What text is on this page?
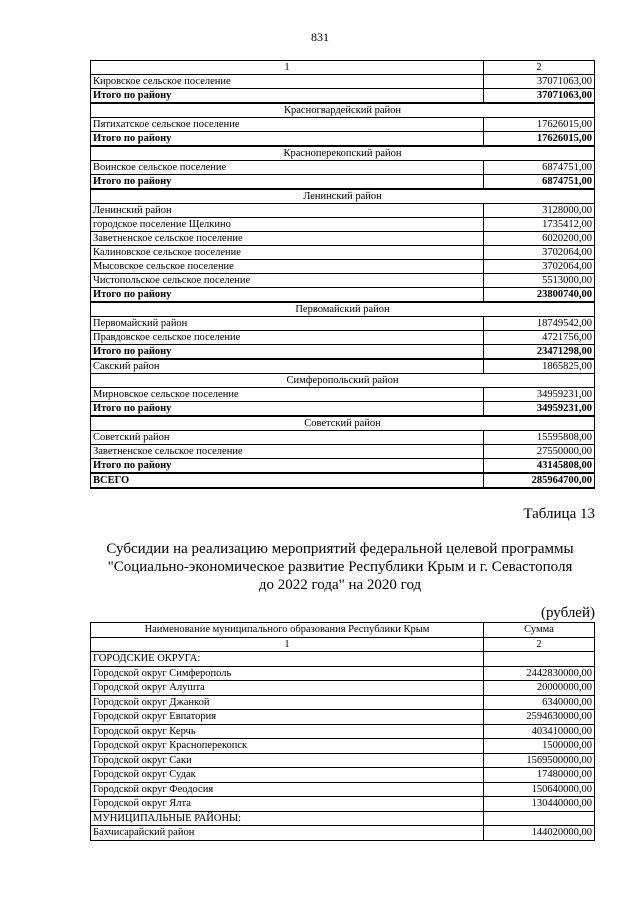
831
1	2
Кировское сельское поселение	37071063,00
Итого по району	37071063,00
Красногвардейский район	
Пятихатское сельское поселение	17626015,00
Итого по району	17626015,00
Красноперекопский район	
Воинское сельское поселение	6874751,00
Итого по району	6874751,00
Ленинский район	
Ленинский район	3128000,00
городское поселение Щелкино	1735412,00
Заветненское сельское поселение	6020200,00
Калиновское сельское поселение	3702064,00
Мысовское сельское поселение	3702064,00
Чистопольское сельское поселение	5513000,00
Итого по району	23800740,00
Первомайский район	
Первомайский район	18749542,00
Правдовское сельское поселение	4721756,00
Итого по району	23471298,00
Сакский район	1865825,00
Симферопольский район	
Мирновское сельское поселение	34959231,00
Итого по району	34959231,00
Советский район	
Советский район	15595808,00
Заветненское сельское поселение	27550000,00
Итого по району	43145808,00
ВСЕГО	285964700,00
Таблица 13
Субсидии на реализацию мероприятий федеральной целевой программы
"Социально-экономическое развитие Республики Крым и г. Севастополя
до 2022 года" на 2020 год
(рублей)
Наименование муниципального образования Республики Крым	Сумма
1	2
ГОРОДСКИЕ ОКРУГА:	
Городской округ Симферополь	2442830000,00
Городской округ Алушта	20000000,00
Городской округ Джанкой	6340000,00
Городской округ Евпатория	2594630000,00
Городской округ Керчь	403410000,00
Городской округ Красноперекопск	1500000,00
Городской округ Саки	1569500000,00
Городской округ Судак	17480000,00
Городской округ Феодосия	150640000,00
Городской округ Ялта	130440000,00
МУНИЦИПАЛЬНЫЕ РАЙОНЫ:	
Бахчисарайский район	144020000,00
